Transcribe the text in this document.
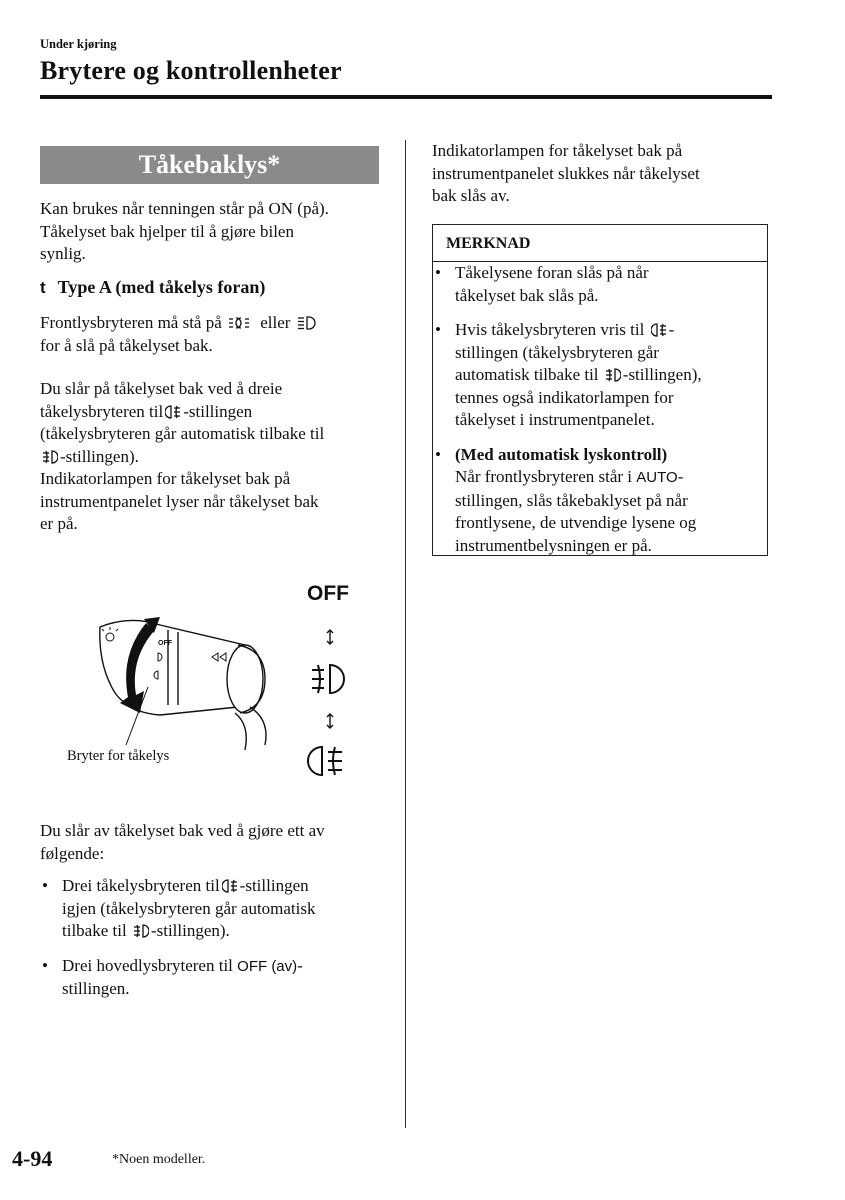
Under kjøring
Brytere og kontrollenheter
Tåkebaklys*
Kan brukes når tenningen står på ON (på).
Tåkelyset bak hjelper til å gjøre bilen
synlig.
t Type A (med tåkelys foran)
Frontlysbryteren må stå på eller
for å slå på tåkelyset bak.
Du slår på tåkelyset bak ved å dreie
tåkelysbryteren til -stillingen
(tåkelysbryteren går automatisk tilbake til
-stillingen).
Indikatorlampen for tåkelyset bak på
instrumentpanelet lyser når tåkelyset bak
er på.
OFF
OFF
Bryter for tåkelys
Du slår av tåkelyset bak ved å gjøre ett av
følgende:
• Drei tåkelysbryteren til -stillingen
igjen (tåkelysbryteren går automatisk
tilbake til -stillingen).
• Drei hovedlysbryteren til OFF (av)-
stillingen.
Indikatorlampen for tåkelyset bak på
instrumentpanelet slukkes når tåkelyset
bak slås av.
MERKNAD
• Tåkelysene foran slås på når
tåkelyset bak slås på.
• Hvis tåkelysbryteren vris til -
stillingen (tåkelysbryteren går
automatisk tilbake til -stillingen),
tennes også indikatorlampen for
tåkelyset i instrumentpanelet.
• (Med automatisk lyskontroll)
Når frontlysbryteren står i AUTO-
stillingen, slås tåkebaklyset på når
frontlysene, de utvendige lysene og
instrumentbelysningen er på.
4-94	*Noen modeller.
